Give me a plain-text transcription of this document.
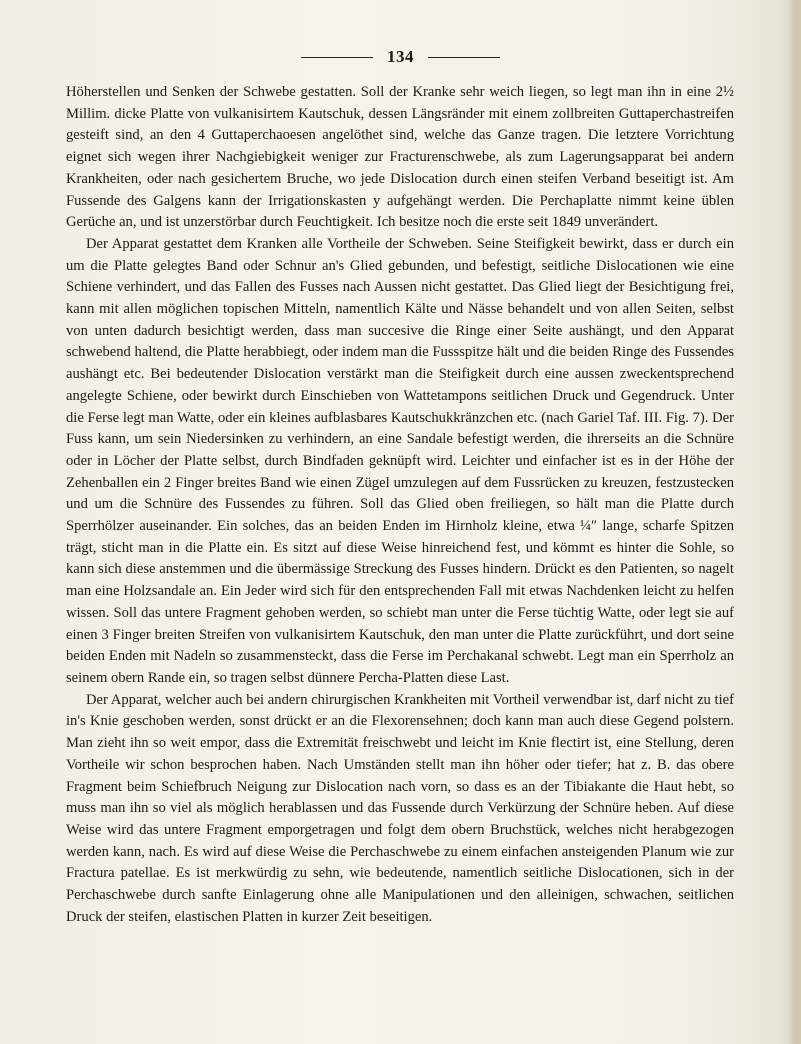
134

Höherstellen und Senken der Schwebe gestatten. Soll der Kranke sehr weich liegen, so legt man ihn in eine 2½ Millim. dicke Platte von vulkanisirtem Kautschuk, dessen Längsränder mit einem zollbreiten Guttaperchastreifen gesteift sind, an den 4 Guttaperchaoesen angelöthet sind, welche das Ganze tragen. Die letztere Vorrichtung eignet sich wegen ihrer Nachgiebigkeit weniger zur Fracturenschwebe, als zum Lagerungsapparat bei andern Krankheiten, oder nach gesichertem Bruche, wo jede Dislocation durch einen steifen Verband beseitigt ist. Am Fussende des Galgens kann der Irrigationskasten y aufgehängt werden. Die Perchaplatte nimmt keine üblen Gerüche an, und ist unzerstörbar durch Feuchtigkeit. Ich besitze noch die erste seit 1849 unverändert.

Der Apparat gestattet dem Kranken alle Vortheile der Schweben. Seine Steifigkeit bewirkt, dass er durch ein um die Platte gelegtes Band oder Schnur an's Glied gebunden, und befestigt, seitliche Dislocationen wie eine Schiene verhindert, und das Fallen des Fusses nach Aussen nicht gestattet. Das Glied liegt der Besichtigung frei, kann mit allen möglichen topischen Mitteln, namentlich Kälte und Nässe behandelt und von allen Seiten, selbst von unten dadurch besichtigt werden, dass man succesive die Ringe einer Seite aushängt, und den Apparat schwebend haltend, die Platte herabbiegt, oder indem man die Fussspitze hält und die beiden Ringe des Fussendes aushängt etc. Bei bedeutender Dislocation verstärkt man die Steifigkeit durch eine aussen zweckentsprechend angelegte Schiene, oder bewirkt durch Einschieben von Wattetampons seitlichen Druck und Gegendruck. Unter die Ferse legt man Watte, oder ein kleines aufblasbares Kautschukkränzchen etc. (nach Gariel Taf. III. Fig. 7). Der Fuss kann, um sein Niedersinken zu verhindern, an eine Sandale befestigt werden, die ihrerseits an die Schnüre oder in Löcher der Platte selbst, durch Bindfaden geknüpft wird. Leichter und einfacher ist es in der Höhe der Zehenballen ein 2 Finger breites Band wie einen Zügel umzulegen auf dem Fussrücken zu kreuzen, festzustecken und um die Schnüre des Fussendes zu führen. Soll das Glied oben freiliegen, so hält man die Platte durch Sperrhölzer auseinander. Ein solches, das an beiden Enden im Hirnholz kleine, etwa ¼″ lange, scharfe Spitzen trägt, sticht man in die Platte ein. Es sitzt auf diese Weise hinreichend fest, und kömmt es hinter die Sohle, so kann sich diese anstemmen und die übermässige Streckung des Fusses hindern. Drückt es den Patienten, so nagelt man eine Holzsandale an. Ein Jeder wird sich für den entsprechenden Fall mit etwas Nachdenken leicht zu helfen wissen. Soll das untere Fragment gehoben werden, so schiebt man unter die Ferse tüchtig Watte, oder legt sie auf einen 3 Finger breiten Streifen von vulkanisirtem Kautschuk, den man unter die Platte zurückführt, und dort seine beiden Enden mit Nadeln so zusammensteckt, dass die Ferse im Perchakanal schwebt. Legt man ein Sperrholz an seinem obern Rande ein, so tragen selbst dünnere Percha-Platten diese Last.

Der Apparat, welcher auch bei andern chirurgischen Krankheiten mit Vortheil verwendbar ist, darf nicht zu tief in's Knie geschoben werden, sonst drückt er an die Flexorensehnen; doch kann man auch diese Gegend polstern. Man zieht ihn so weit empor, dass die Extremität freischwebt und leicht im Knie flectirt ist, eine Stellung, deren Vortheile wir schon besprochen haben. Nach Umständen stellt man ihn höher oder tiefer; hat z. B. das obere Fragment beim Schiefbruch Neigung zur Dislocation nach vorn, so dass es an der Tibiakante die Haut hebt, so muss man ihn so viel als möglich herablassen und das Fussende durch Verkürzung der Schnüre heben. Auf diese Weise wird das untere Fragment emporgetragen und folgt dem obern Bruchstück, welches nicht herabgezogen werden kann, nach. Es wird auf diese Weise die Perchaschwebe zu einem einfachen ansteigenden Planum wie zur Fractura patellae. Es ist merkwürdig zu sehn, wie bedeutende, namentlich seitliche Dislocationen, sich in der Perchaschwebe durch sanfte Einlagerung ohne alle Manipulationen und den alleinigen, schwachen, seitlichen Druck der steifen, elastischen Platten in kurzer Zeit beseitigen.
